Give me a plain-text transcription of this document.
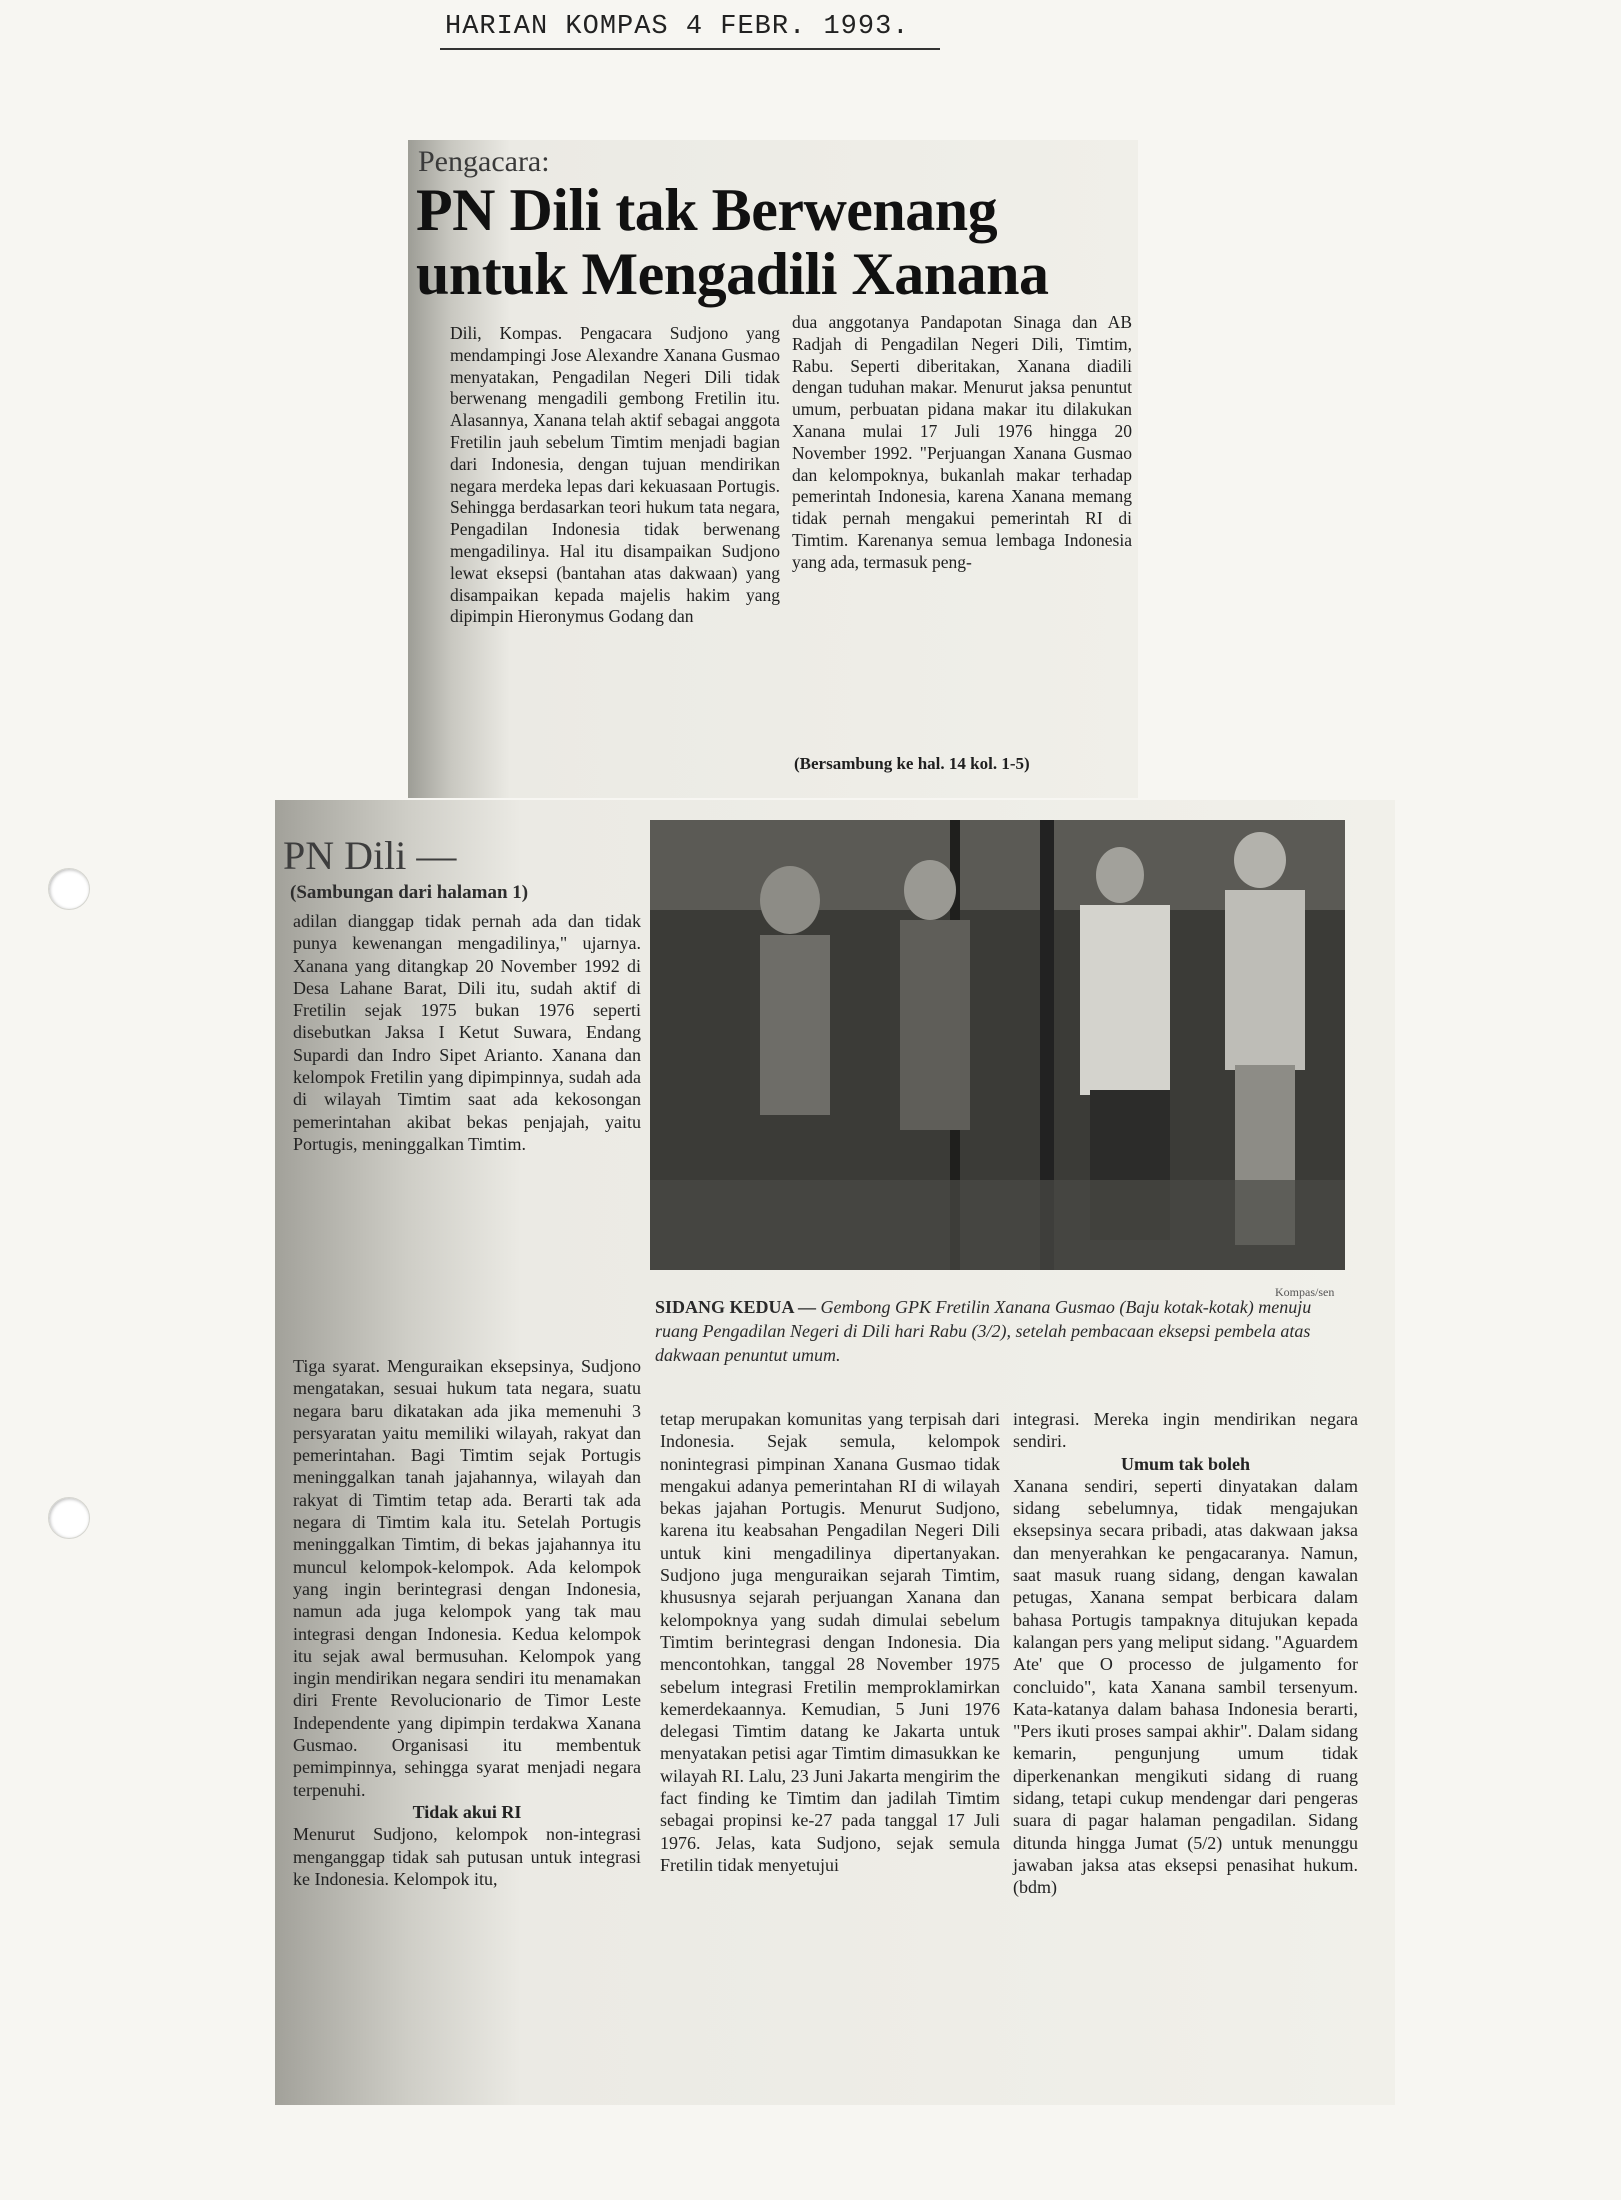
HARIAN KOMPAS 4 FEBR. 1993.
Pengacara:
PN Dili tak Berwenang untuk Mengadili Xanana
Dili, Kompas. Pengacara Sudjono yang mendampingi Jose Alexandre Xanana Gusmao menyatakan, Pengadilan Negeri Dili tidak berwenang mengadili gembong Fretilin itu. Alasannya, Xanana telah aktif sebagai anggota Fretilin jauh sebelum Timtim menjadi bagian dari Indonesia, dengan tujuan mendirikan negara merdeka lepas dari kekuasaan Portugis. Sehingga berdasarkan teori hukum tata negara, Pengadilan Indonesia tidak berwenang mengadilinya. Hal itu disampaikan Sudjono lewat eksepsi (bantahan atas dakwaan) yang disampaikan kepada majelis hakim yang dipimpin Hieronymus Godang dan
dua anggotanya Pandapotan Sinaga dan AB Radjah di Pengadilan Negeri Dili, Timtim, Rabu. Seperti diberitakan, Xanana diadili dengan tuduhan makar. Menurut jaksa penuntut umum, perbuatan pidana makar itu dilakukan Xanana mulai 17 Juli 1976 hingga 20 November 1992. "Perjuangan Xanana Gusmao dan kelompoknya, bukanlah makar terhadap pemerintah Indonesia, karena Xanana memang tidak pernah mengakui pemerintah RI di Timtim. Karenanya semua lembaga Indonesia yang ada, termasuk peng-
(Bersambung ke hal. 14 kol. 1-5)
PN Dili —
(Sambungan dari halaman 1)
Kompas/sen
SIDANG KEDUA — Gembong GPK Fretilin Xanana Gusmao (Baju kotak-kotak) menuju ruang Pengadilan Negeri di Dili hari Rabu (3/2), setelah pembacaan eksepsi pembela atas dakwaan penuntut umum.
adilan dianggap tidak pernah ada dan tidak punya kewenangan mengadilinya," ujarnya. Xanana yang ditangkap 20 November 1992 di Desa Lahane Barat, Dili itu, sudah aktif di Fretilin sejak 1975 bukan 1976 seperti disebutkan Jaksa I Ketut Suwara, Endang Supardi dan Indro Sipet Arianto. Xanana dan kelompok Fretilin yang dipimpinnya, sudah ada di wilayah Timtim saat ada kekosongan pemerintahan akibat bekas penjajah, yaitu Portugis, meninggalkan Timtim.
Tiga syarat. Menguraikan eksepsinya, Sudjono mengatakan, sesuai hukum tata negara, suatu negara baru dikatakan ada jika memenuhi 3 persyaratan yaitu memiliki wilayah, rakyat dan pemerintahan. Bagi Timtim sejak Portugis meninggalkan tanah jajahannya, wilayah dan rakyat di Timtim tetap ada. Berarti tak ada negara di Timtim kala itu. Setelah Portugis meninggalkan Timtim, di bekas jajahannya itu muncul kelompok-kelompok. Ada kelompok yang ingin berintegrasi dengan Indonesia, namun ada juga kelompok yang tak mau integrasi dengan Indonesia. Kedua kelompok itu sejak awal bermusuhan. Kelompok yang ingin mendirikan negara sendiri itu menamakan diri Frente Revolucionario de Timor Leste Independente yang dipimpin terdakwa Xanana Gusmao. Organisasi itu membentuk pemimpinnya, sehingga syarat menjadi negara terpenuhi.
Tidak akui RI
Menurut Sudjono, kelompok non-integrasi menganggap tidak sah putusan untuk integrasi ke Indonesia. Kelompok itu,
tetap merupakan komunitas yang terpisah dari Indonesia. Sejak semula, kelompok nonintegrasi pimpinan Xanana Gusmao tidak mengakui adanya pemerintahan RI di wilayah bekas jajahan Portugis. Menurut Sudjono, karena itu keabsahan Pengadilan Negeri Dili untuk kini mengadilinya dipertanyakan. Sudjono juga menguraikan sejarah Timtim, khususnya sejarah perjuangan Xanana dan kelompoknya yang sudah dimulai sebelum Timtim berintegrasi dengan Indonesia. Dia mencontohkan, tanggal 28 November 1975 sebelum integrasi Fretilin memproklamirkan kemerdekaannya. Kemudian, 5 Juni 1976 delegasi Timtim datang ke Jakarta untuk menyatakan petisi agar Timtim dimasukkan ke wilayah RI. Lalu, 23 Juni Jakarta mengirim the fact finding ke Timtim dan jadilah Timtim sebagai propinsi ke-27 pada tanggal 17 Juli 1976. Jelas, kata Sudjono, sejak semula Fretilin tidak menyetujui
integrasi. Mereka ingin mendirikan negara sendiri.
Umum tak boleh
Xanana sendiri, seperti dinyatakan dalam sidang sebelumnya, tidak mengajukan eksepsinya secara pribadi, atas dakwaan jaksa dan menyerahkan ke pengacaranya. Namun, saat masuk ruang sidang, dengan kawalan petugas, Xanana sempat berbicara dalam bahasa Portugis tampaknya ditujukan kepada kalangan pers yang meliput sidang. "Aguardem Ate' que O processo de julgamento for concluido", kata Xanana sambil tersenyum. Kata-katanya dalam bahasa Indonesia berarti, "Pers ikuti proses sampai akhir". Dalam sidang kemarin, pengunjung umum tidak diperkenankan mengikuti sidang di ruang sidang, tetapi cukup mendengar dari pengeras suara di pagar halaman pengadilan. Sidang ditunda hingga Jumat (5/2) untuk menunggu jawaban jaksa atas eksepsi penasihat hukum. (bdm)
